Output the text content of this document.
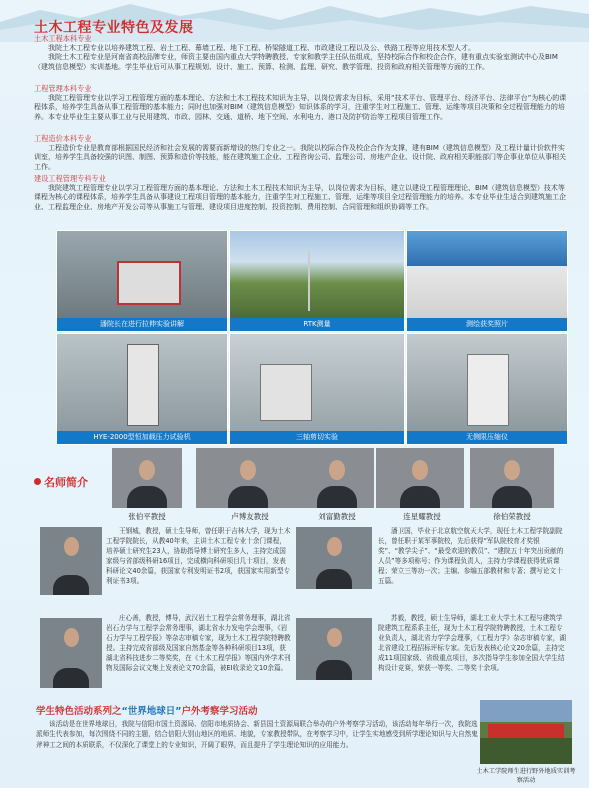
土木工程专业特色及发展
土木工程本科专业
我院土木工程专业以培养建筑工程、岩土工程、幕墙工程、地下工程、桥梁隧道工程、市政建设工程以及公、铁路工程等应用技术型人才。
我院土木工程专业是河南省高校品牌专业，师资主要由国内重点大学特聘教授、专家和教学主任队伍组成，坚持校际合作和校企合作，建有重点实验室测试中心及BIM（建筑信息模型）实训基地。学生毕业后可从事工程规划、设计、施工、预算、检测、监理、研究、教学管理、投资和政府相关管理等方面的工作。
工程管理本科专业
我院工程管理专业以学习工程管理方面的基本理论、方法和土木工程技术知识为主导，以岗位需求为目标，采用“技术平台、管理平台、经济平台、法律平台”为核心的课程体系，培养学生具备从事工程管理的基本能力；同时也加强对BIM（建筑信息模型）知识体系的学习，注重学生对工程施工、管理、运维等项目决策和全过程管理能力的培养。本专业毕业生主要从事工业与民用建筑、市政、园林、交通、道桥、地下空间、水利电力、港口及防护防治等工程项目管理工作。
工程造价本科专业
工程造价专业是教育部根据国民经济和社会发展的需要而新增设的热门专业之一。我院以校际合作及校企合作为支撑，建有BIM（建筑信息模型）及工程计量计价软件实训室，培养学生具备较强的识图、制图、预算和造价等技能，能在建筑施工企业、工程咨询公司、监理公司、房地产企业、设计院、政府相关职能部门等企事业单位从事相关工作。
建设工程管理专科专业
我院建筑工程管理专业以学习工程管理方面的基本理论、方法和土木工程技术知识为主导，以岗位需求为目标，建立以建设工程管理理论、BIM（建筑信息模型）技术等课程为核心的课程体系，培养学生具备从事建设工程项目管理的基本能力，注重学生对工程施工、管理、运维等项目全过程管理能力的培养。本专业毕业生适合到建筑施工企业、工程监理企业、房地产开发公司等从事施工与管理、建设项目进度控制、投资控制、费用控制、合同管理和组织协调等工作。
潘院长在进行拉伸实验讲解	RTK测量	测绘获奖照片
HYE-2000型恒加载压力试验机	三轴剪切实验	无侧限压缩仪
名师简介
张伯平教授	卢博友教授	刘富勤教授	连星耀教授	徐伯荣教授
王钢城，教授，硕士生导师，曾任职于吉林大学，现为土木工程学院院长，从教40年来，主讲土木工程专业十余门课程，培养硕士研究生23人，协助指导博士研究生多人，主持完成国家级与省部级科研16项目，完成横向科研项目几十项目，发表科研论文40余篇，获国家专利发明证书2项，获国家实用新型专利证书3项。
潘卫国，毕业于北京航空航天大学，现任土木工程学院副院长，曾任职于某军事院校，先后获得“军队院校育才奖银奖”、“教学尖子”、“最受欢迎的教员”、“建院五十年突出贡献的人员”等多项称号；作为课程负责人，主持力学课程获得优质课程；荣立三等功一次；主编、参编五部教材和专著；撰写论文十五篇。
庄心善，教授，博导，武汉岩土工程学会常务理事，湖北省岩石力学与工程学会常务理事，湖北省水力发电学会理事，《岩石力学与工程学报》等杂志审稿专家，现为土木工程学院特聘教授。主持完成省部级及国家自然基金等各种科研项目13项，获湖北省科技进步二等奖奖，在《土木工程学报》等国内外学术刊物及国际会议文集上发表论文70余篇，被EI收录论文10余篇。
苏毅，教授，硕士生导师，湖北工业大学土木工程与建筑学院建筑工程系系主任，现为土木工程学院特聘教授，土木工程专业负责人，湖北省力学学会理事，《工程力学》杂志审稿专家，湖北省建设工程招标评标专家。先后发表核心论文20余篇，主持完成11项国家级、省级重点项目，多次指导学生参加全国大学生结构设计竞赛，荣获一等奖、二等奖十余项。
学生特色活动系列之“世界地球日”户外考察学习活动
该活动是在世界地球日，我院与信阳市国土资源局、信阳市地质协会、新县国土资源局联合举办的户外考察学习活动，该活动每年举行一次，我院选派师生代表参加，每次围绕不同的主题，结合信阳大别山地区的地质、地貌，专家教授带队，在考察学习中，让学生实地感受到所学理论知识与大自然鬼斧神工之间的本质联系，不仅深化了课堂上的专业知识，开阔了眼界，而且提升了学生理论知识的应用能力。
土木工学院师生进行野外地质实训考察活动
